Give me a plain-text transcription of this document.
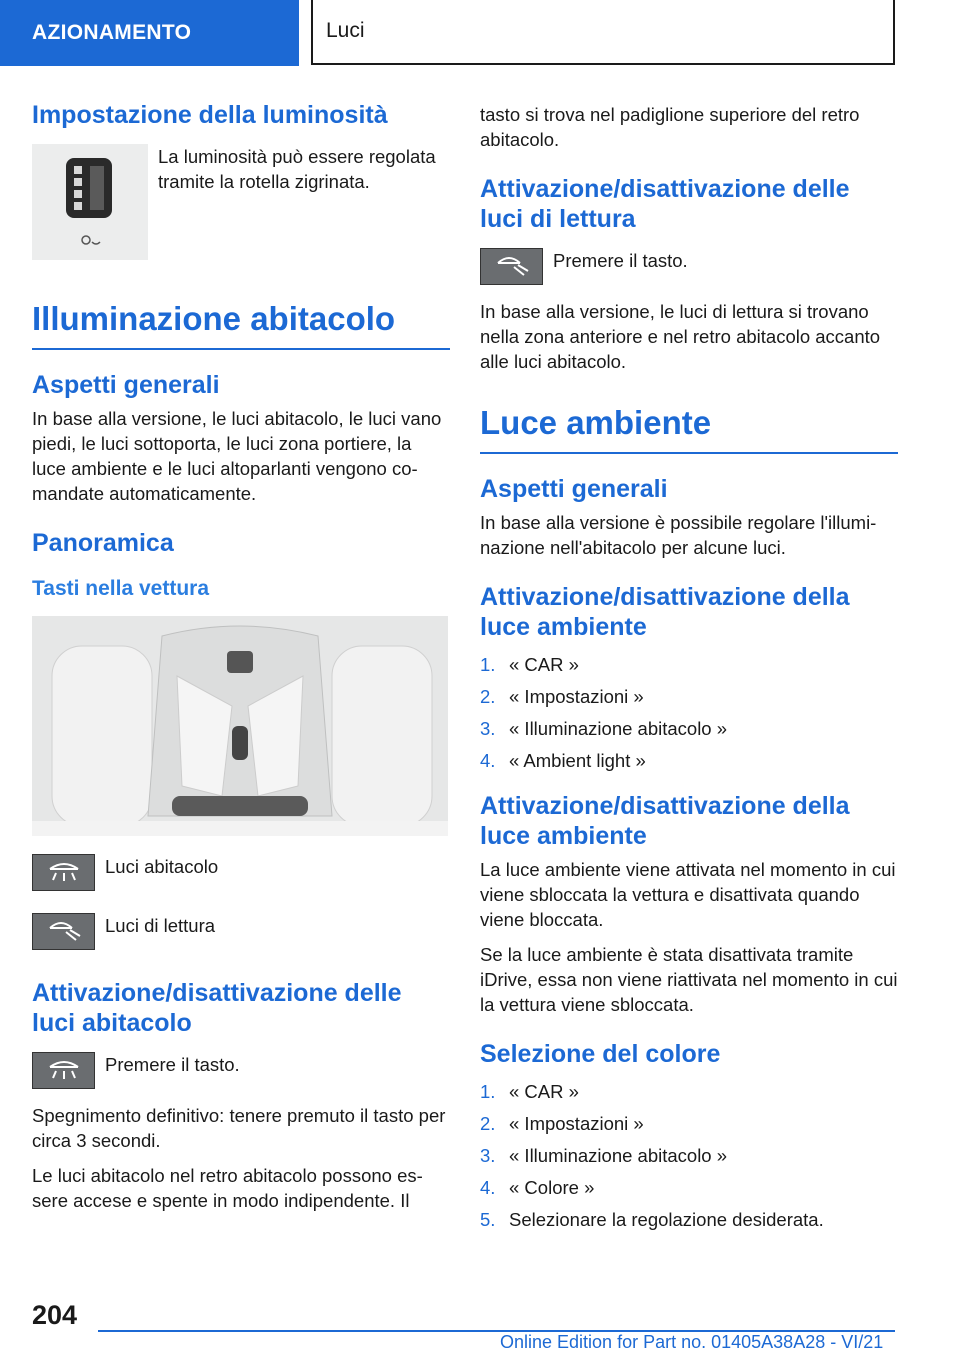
AZIONAMENTO	Luci
Impostazione della luminosità
La luminosità può essere regolata tramite la rotella zigrinata.
Illuminazione abitacolo
Aspetti generali

In base alla versione, le luci abitacolo, le luci vano piedi, le luci sottoporta, le luci zona portiere, la luce ambiente e le luci altoparlanti vengono co-mandate automaticamente.

Panoramica
Tasti nella vettura
Luci abitacolo
Luci di lettura
Attivazione/disattivazione delle luci abitacolo
Premere il tasto.

Spegnimento definitivo: tenere premuto il tasto per circa 3 secondi.

Le luci abitacolo nel retro abitacolo possono es-sere accese e spente in modo indipendente. Il

tasto si trova nel padiglione superiore del retro abitacolo.

Attivazione/disattivazione delle luci di lettura
Premere il tasto.

In base alla versione, le luci di lettura si trovano nella zona anteriore e nel retro abitacolo accanto alle luci abitacolo.

Luce ambiente
Aspetti generali

In base alla versione è possibile regolare l'illumi-nazione nell'abitacolo per alcune luci.

Attivazione/disattivazione della luce ambiente
1. « CAR »
2. « Impostazioni »
3. « Illuminazione abitacolo »
4. « Ambient light »
Attivazione/disattivazione della luce ambiente

La luce ambiente viene attivata nel momento in cui viene sbloccata la vettura e disattivata quando viene bloccata.

Se la luce ambiente è stata disattivata tramite iDrive, essa non viene riattivata nel momento in cui la vettura viene sbloccata.

Selezione del colore
1. « CAR »
2. « Impostazioni »
3. « Illuminazione abitacolo »
4. « Colore »
5. Selezionare la regolazione desiderata.
204
Online Edition for Part no. 01405A38A28 - VI/21
